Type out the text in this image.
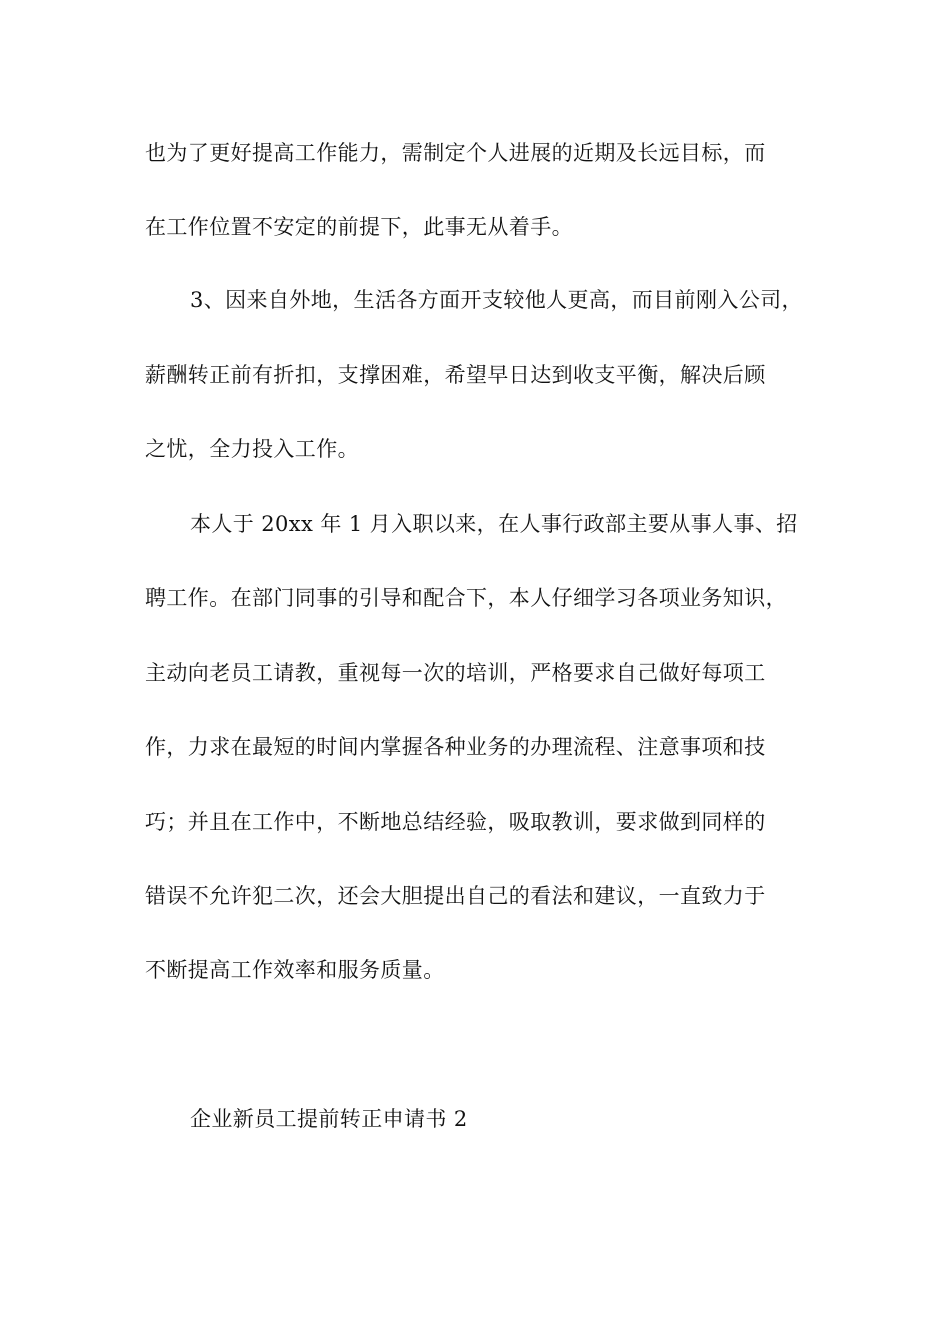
也为了更好提高工作能力，需制定个人进展的近期及长远目标，而
在工作位置不安定的前提下，此事无从着手。
3、因来自外地，生活各方面开支较他人更高，而目前刚入公司，
薪酬转正前有折扣，支撑困难，希望早日达到收支平衡，解决后顾
之忧，全力投入工作。
本人于 20xx 年 1 月入职以来，在人事行政部主要从事人事、招
聘工作。在部门同事的引导和配合下，本人仔细学习各项业务知识，
主动向老员工请教，重视每一次的培训，严格要求自己做好每项工
作，力求在最短的时间内掌握各种业务的办理流程、注意事项和技
巧；并且在工作中，不断地总结经验，吸取教训，要求做到同样的
错误不允许犯二次，还会大胆提出自己的看法和建议，一直致力于
不断提高工作效率和服务质量。
企业新员工提前转正申请书 2
